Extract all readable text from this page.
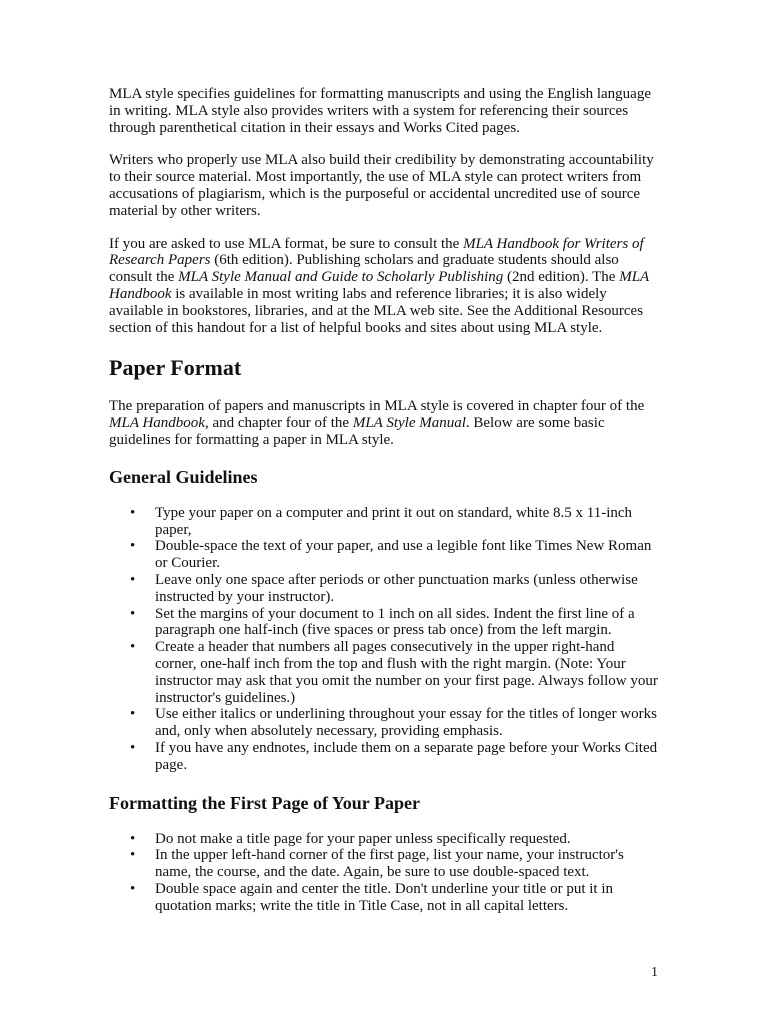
MLA style specifies guidelines for formatting manuscripts and using the English language in writing. MLA style also provides writers with a system for referencing their sources through parenthetical citation in their essays and Works Cited pages.

Writers who properly use MLA also build their credibility by demonstrating accountability to their source material. Most importantly, the use of MLA style can protect writers from accusations of plagiarism, which is the purposeful or accidental uncredited use of source material by other writers.

If you are asked to use MLA format, be sure to consult the MLA Handbook for Writers of Research Papers (6th edition). Publishing scholars and graduate students should also consult the MLA Style Manual and Guide to Scholarly Publishing (2nd edition). The MLA Handbook is available in most writing labs and reference libraries; it is also widely available in bookstores, libraries, and at the MLA web site. See the Additional Resources section of this handout for a list of helpful books and sites about using MLA style.

Paper Format

The preparation of papers and manuscripts in MLA style is covered in chapter four of the MLA Handbook, and chapter four of the MLA Style Manual. Below are some basic guidelines for formatting a paper in MLA style.

General Guidelines
• Type your paper on a computer and print it out on standard, white 8.5 x 11-inch paper,
• Double-space the text of your paper, and use a legible font like Times New Roman or Courier.
• Leave only one space after periods or other punctuation marks (unless otherwise instructed by your instructor).
• Set the margins of your document to 1 inch on all sides. Indent the first line of a paragraph one half-inch (five spaces or press tab once) from the left margin.
• Create a header that numbers all pages consecutively in the upper right-hand corner, one-half inch from the top and flush with the right margin. (Note: Your instructor may ask that you omit the number on your first page. Always follow your instructor's guidelines.)
• Use either italics or underlining throughout your essay for the titles of longer works and, only when absolutely necessary, providing emphasis.
• If you have any endnotes, include them on a separate page before your Works Cited page.
Formatting the First Page of Your Paper
• Do not make a title page for your paper unless specifically requested.
• In the upper left-hand corner of the first page, list your name, your instructor's name, the course, and the date. Again, be sure to use double-spaced text.
• Double space again and center the title. Don't underline your title or put it in quotation marks; write the title in Title Case, not in all capital letters.
1
